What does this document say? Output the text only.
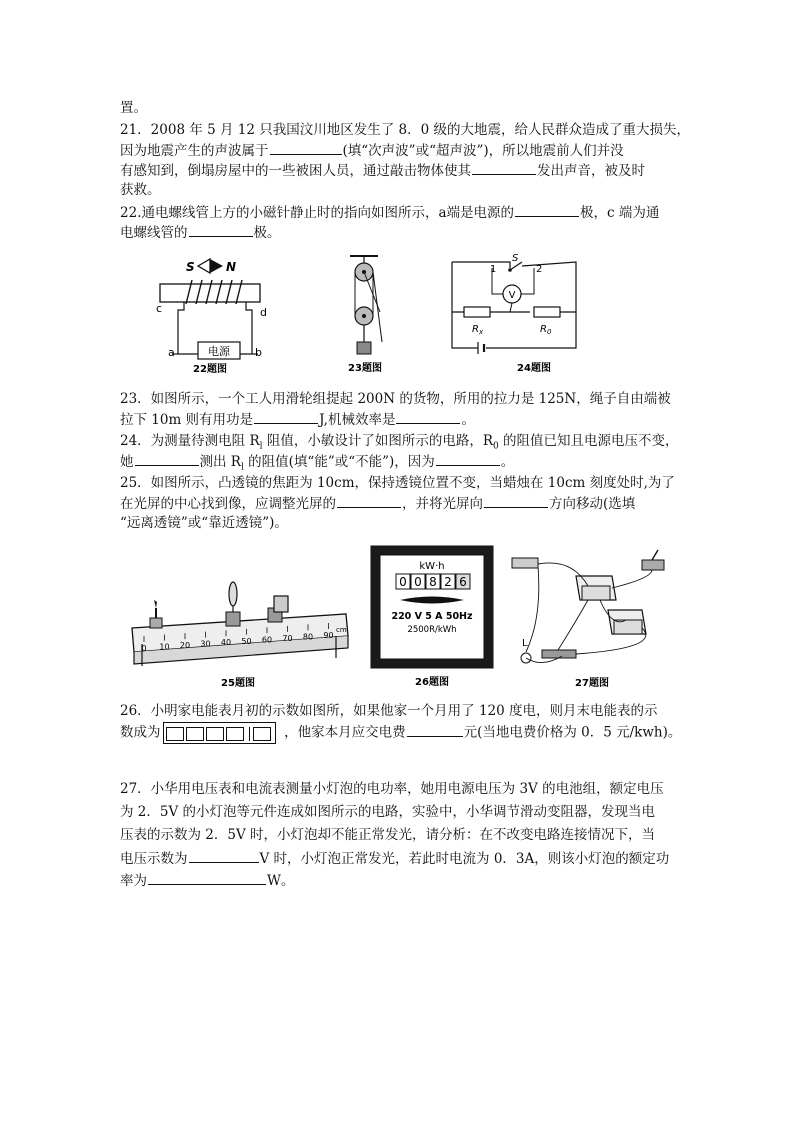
置。
21．2008 年 5 月 12 只我国汶川地区发生了 8．0 级的大地震，给人民群众造成了重大损失，
因为地震产生的声波属于	(填“次声波”或“超声波”)，所以地震前人们并没
有感知到，倒塌房屋中的一些被困人员，通过敲击物体使其	发出声音，被及时
获救。
22.通电螺线管上方的小磁针静止时的指向如图所示，a端是电源的	极，c 端为通
电螺线管的	极。
S	N
c	d
电源
a	b
22题图	23题图
S
1	2
V
$R_x$	$R_0$
24题图
23．如图所示，一个工人用滑轮组提起 200N 的货物，所用的拉力是 125N，绳子自由端被
拉下 10m 则有用功是	J,机械效率是	。
24．为测量待测电阻 $R_l$ 阻值，小敏设计了如图所示的电路，$R_0$ 的阻值已知且电源电压不变，
她	测出 $R_l$ 的阻值(填“能”或“不能”)，因为	。
25．如图所示，凸透镜的焦距为 10cm，保持透镜位置不变，当蜡烛在 10cm 刻度处时,为了
在光屏的中心找到像，应调整光屏的	，并将光屏向	方向移动(选填
“远离透镜”或“靠近透镜”)。
0 10 20 30 40 50 60 70 80 90
cm
25题图
kW·h
0 0 8 2 6
220 V 5 A 50Hz
2500R/kWh
26题图
L
27题图
26．小明家电能表月初的示数如图所，如果他家一个月用了 120 度电，则月末电能表的示
数成为	，他家本月应交电费	元(当地电费价格为 0．5 元/kwh)。
27．小华用电压表和电流表测量小灯泡的电功率，她用电源电压为 3V 的电池组，额定电压
为 2．5V 的小灯泡等元件连成如图所示的电路，实验中，小华调节滑动变阻器，发现当电
压表的示数为 2．5V 时，小灯泡却不能正常发光，请分析：在不改变电路连接情况下，当
电压示数为	V 时，小灯泡正常发光，若此时电流为 0．3A，则该小灯泡的额定功
率为	W。
